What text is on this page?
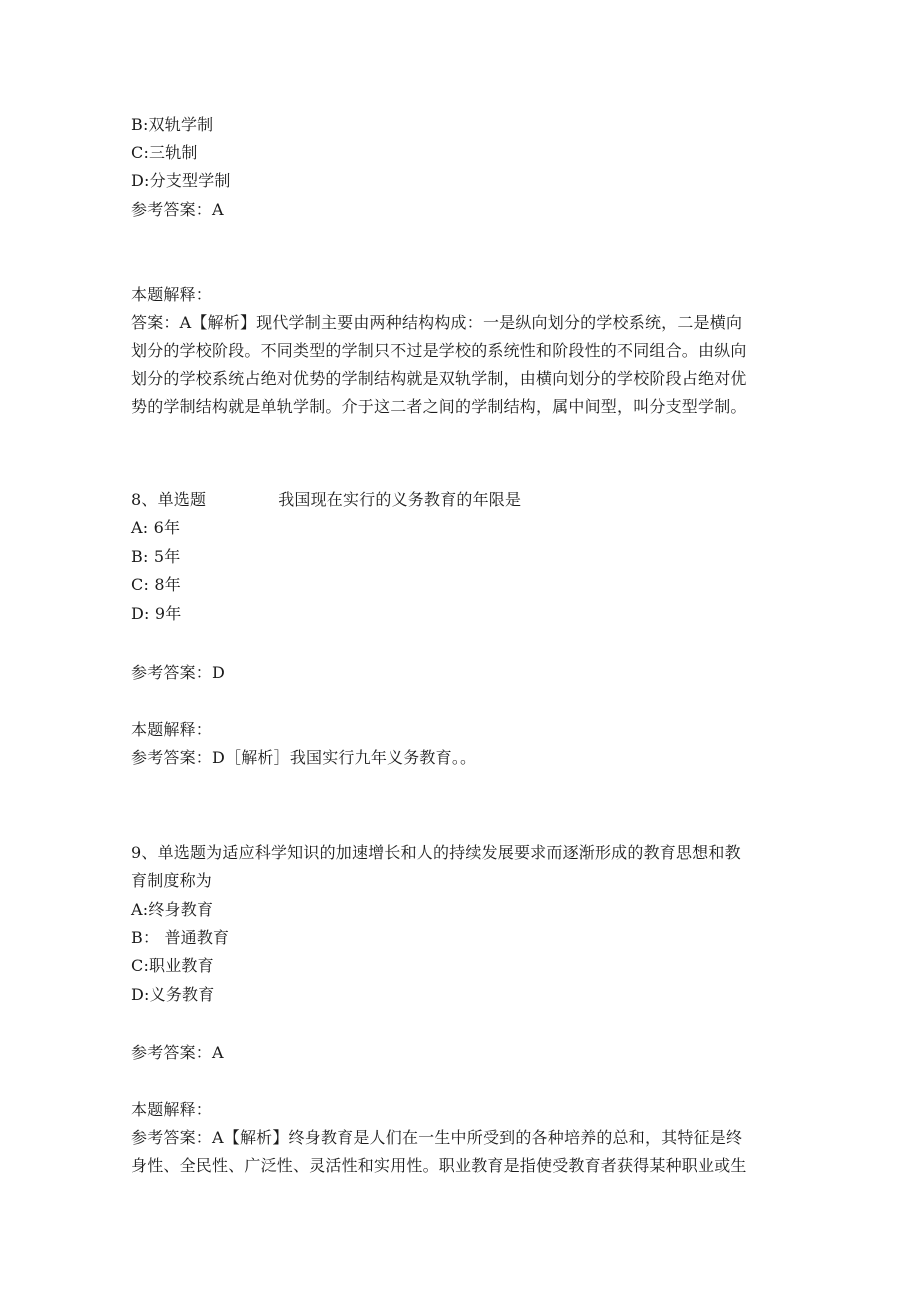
B:双轨学制
C:三轨制
D:分支型学制
参考答案：A
本题解释：
答案：A【解析】现代学制主要由两种结构构成：一是纵向划分的学校系统，二是横向
划分的学校阶段。不同类型的学制只不过是学校的系统性和阶段性的不同组合。由纵向
划分的学校系统占绝对优势的学制结构就是双轨学制，由横向划分的学校阶段占绝对优
势的学制结构就是单轨学制。介于这二者之间的学制结构，属中间型，叫分支型学制。
8、单选题	我国现在实行的义务教育的年限是
A: 6年
B: 5年
C: 8年
D: 9年
参考答案：D
本题解释：
参考答案：D［解析］我国实行九年义务教育。。
9、单选题为适应科学知识的加速增长和人的持续发展要求而逐渐形成的教育思想和教
育制度称为
A:终身教育
B： 普通教育
C:职业教育
D:义务教育
参考答案：A
本题解释：
参考答案：A【解析】终身教育是人们在一生中所受到的各种培养的总和，其特征是终
身性、全民性、广泛性、灵活性和实用性。职业教育是指使受教育者获得某种职业或生
